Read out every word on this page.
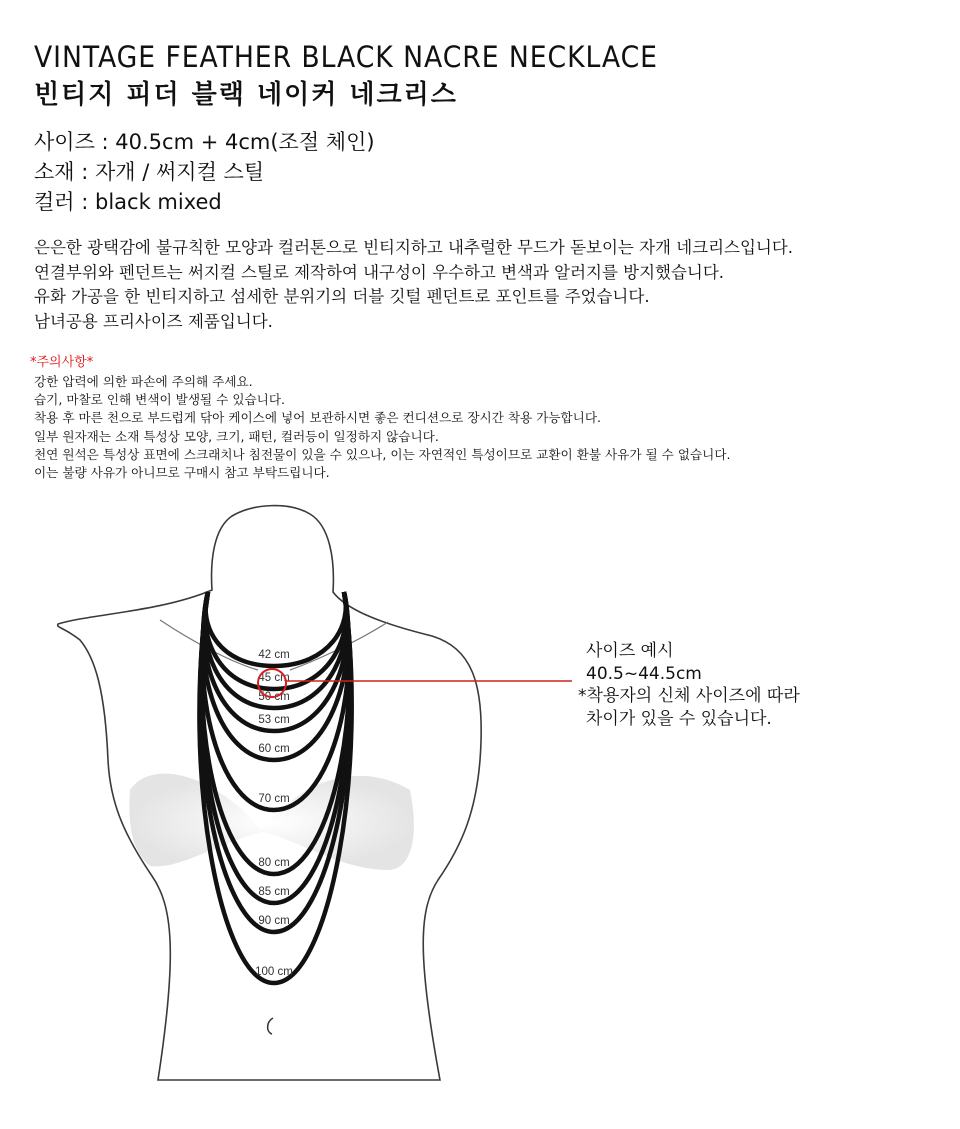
VINTAGE FEATHER BLACK NACRE NECKLACE
빈티지 피더 블랙 네이커 네크리스
사이즈 : 40.5cm + 4cm(조절 체인)
소재 : 자개 / 써지컬 스틸
컬러 : black mixed
은은한 광택감에 불규칙한 모양과 컬러톤으로 빈티지하고 내추럴한 무드가 돋보이는 자개 네크리스입니다.
연결부위와 펜던트는 써지컬 스틸로 제작하여 내구성이 우수하고 변색과 알러지를 방지했습니다.
유화 가공을 한 빈티지하고 섬세한 분위기의 더블 깃털 펜던트로 포인트를 주었습니다.
남녀공용 프리사이즈 제품입니다.
*주의사항*
강한 압력에 의한 파손에 주의해 주세요.
습기, 마찰로 인해 변색이 발생될 수 있습니다.
착용 후 마른 천으로 부드럽게 닦아 케이스에 넣어 보관하시면 좋은 컨디션으로 장시간 착용 가능합니다.
일부 원자재는 소재 특성상 모양, 크기, 패턴, 컬러등이 일정하지 않습니다.
천연 원석은 특성상 표면에 스크래치나 침전물이 있을 수 있으나, 이는 자연적인 특성이므로 교환이 환불 사유가 될 수 없습니다.
이는 불량 사유가 아니므로 구매시 참고 부탁드립니다.
42 cm
45 cm
50 cm
53 cm
60 cm
70 cm
80 cm
85 cm
90 cm
100 cm
사이즈 예시
40.5~44.5cm
*착용자의 신체 사이즈에 따라
차이가 있을 수 있습니다.
